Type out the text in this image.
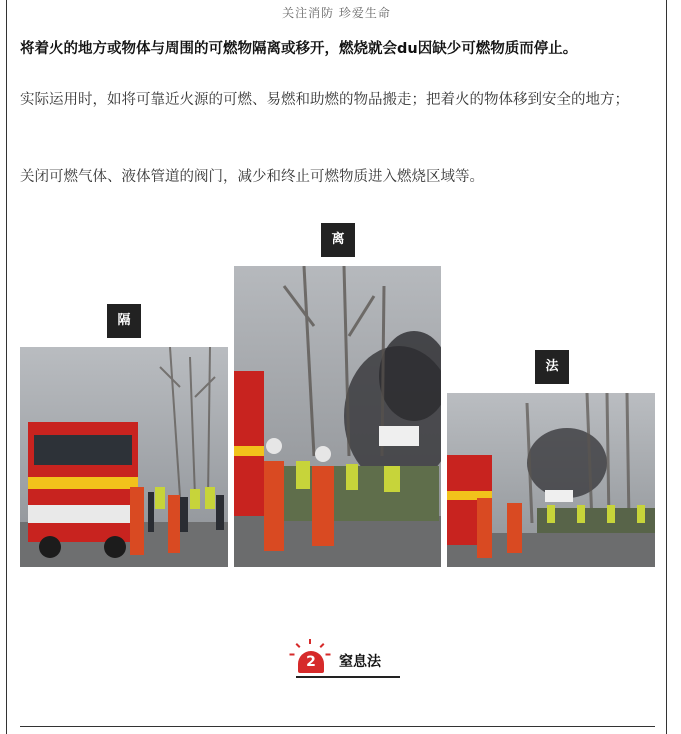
关注消防 珍爱生命
将着火的地方或物体与周围的可燃物隔离或移开，燃烧就会du因缺少可燃物质而停止。
实际运用时，如将可靠近火源的可燃、易燃和助燃的物品搬走；把着火的物体移到安全的地方；
关闭可燃气体、液体管道的阀门，减少和终止可燃物质进入燃烧区域等。
隔
离
法
2	窒息法
